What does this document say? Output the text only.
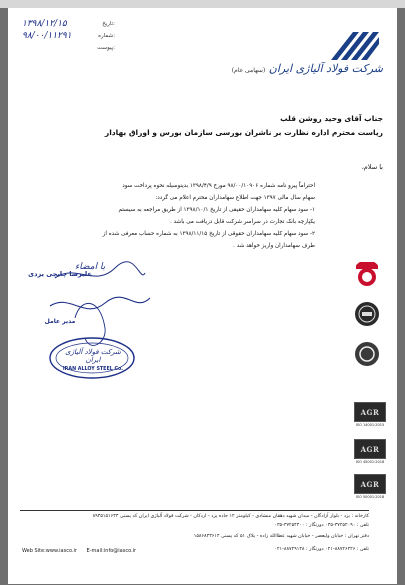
۱۳۹۸/۱۲/۱۵	تاریخ:
۹۸/۰۰/۱۱۲۹۱	شماره:
پیوست:
شرکت فولاد آلیاژی ایران (سهامی عام)
جناب آقای وحید روشن قلب
ریاست محترم اداره نظارت بر ناشران بورسی سازمان بورس و اوراق بهادار
با سلام،

احتراماً پیرو نامه شماره ۹۸/۰۰/۱۰۹۰۶ مورخ ۱۳۹۸/۴/۹ بدینوسیله نحوه پرداخت سود

سهام سال مالی ۱۳۹۷ جهت اطلاع سهامداران محترم اعلام می گردد:

۱- سود سهام کلیه سهامداران حقیقی از تاریخ ۱۳۹۸/۱۰/۱ از طریق مراجعه به سیستم

یکپارچه بانک تجارت در سراسر شرکت قابل دریافت می باشد .

۲- سود سهام کلیه سهامداران حقوقی از تاریخ ۱۳۹۸/۱۱/۱۵ به شماره حساب معرفی شده از

طرف سهامداران واریز خواهد شد .

با امضاء
علیرضا چایچی یزدی
مدیر عامل
شرکت فولاد آلیاژی ایران
IRAN ALLOY STEEL Co.

AGR
ISO 14001:2015
AGR
ISO 45001:2018
AGR
ISO 50001:2018
کارخانه : یزد - بلوار آزادگان - میدان شهید دهقان منشادی - کیلومتر ۱۲ جاده یزد - اردکان - شرکت فولاد آلیاژی ایران کد پستی ۸۹۳۵۱۵۱۶۴۳
تلفن : ۳۷۲۵۲۰۹۰-۰۳۵ دورنگار : ۳۷۲۵۴۴۰۰-۰۳۵
دفتر تهران : خیابان ولیعصر - خیابان شهید عطاالله زاده - پلاک ۵۱ کد پستی ۱۵۸۶۸۴۳۶۱۴
تلفن : ۸۸۷۲۶۴۲۶-۰۲۱ دورنگار : ۸۸۷۲۹۱۴۸-۰۲۱
Web Site:www.iasco.ir E-mail:info@iasco.ir
